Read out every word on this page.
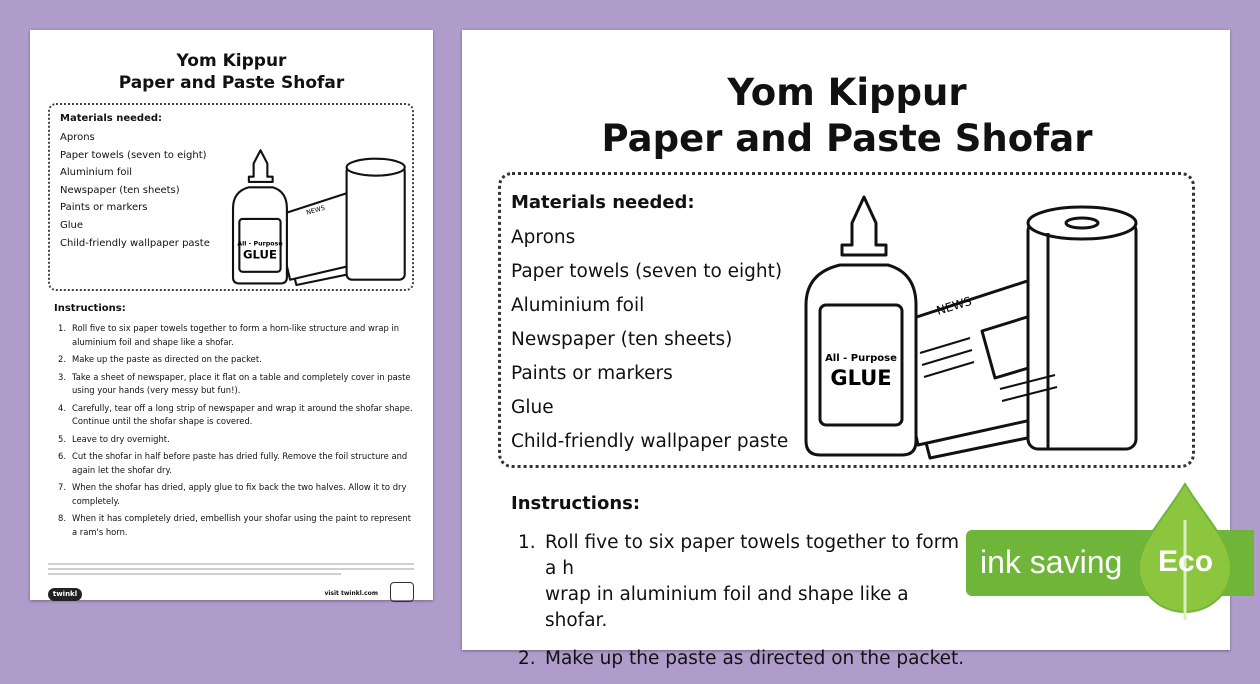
Yom Kippur
Paper and Paste Shofar
Materials needed:
Aprons
Paper towels (seven to eight)
Aluminium foil
Newspaper (ten sheets)
Paints or markers
Glue
Child-friendly wallpaper paste	All - Purpose
GLUE
NEWS
Instructions:
1. Roll five to six paper towels together to form a horn-like structure and wrap in aluminium foil and shape like a shofar.
2. Make up the paste as directed on the packet.
3. Take a sheet of newspaper, place it flat on a table and completely cover in paste using your hands (very messy but fun!).
4. Carefully, tear off a long strip of newspaper and wrap it around the shofar shape. Continue until the shofar shape is covered.
5. Leave to dry overnight.
6. Cut the shofar in half before paste has dried fully. Remove the foil structure and again let the shofar dry.
7. When the shofar has dried, apply glue to fix back the two halves. Allow it to dry completely.
8. When it has completely dried, embellish your shofar using the paint to represent a ram's horn.
twinkl	visit twinkl.com
Yom Kippur
Paper and Paste Shofar
Materials needed:
Aprons
Paper towels (seven to eight)
Aluminium foil
Newspaper (ten sheets)
Paints or markers
Glue
Child-friendly wallpaper paste
All - Purpose
GLUE
NEWS
Instructions:
1. Roll five to six paper towels together to form a h
wrap in aluminium foil and shape like a shofar.
2. Make up the paste as directed on the packet.
ink saving Eco
